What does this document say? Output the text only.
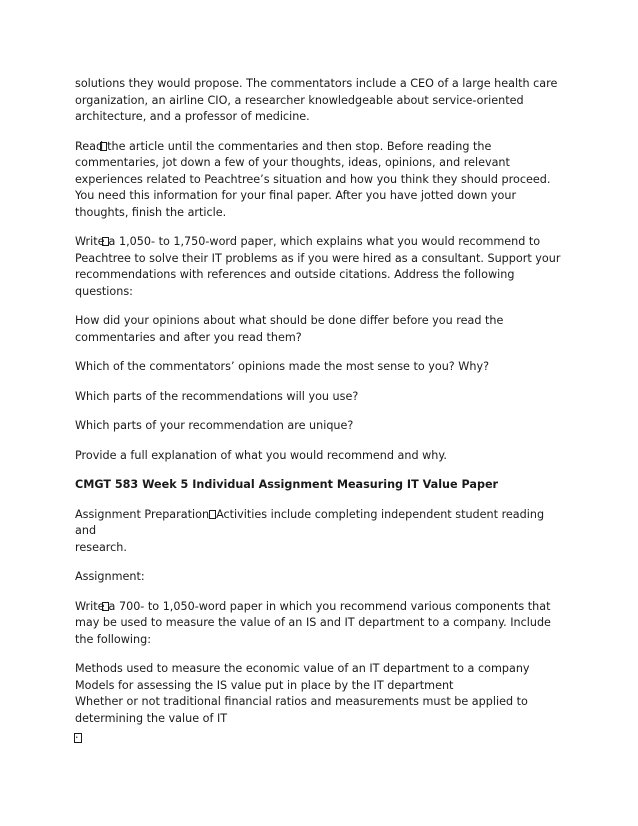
solutions they would propose. The commentators include a CEO of a large health care
organization, an airline CIO, a researcher knowledgeable about service-oriented
architecture, and a professor of medicine.

Read the article until the commentaries and then stop. Before reading the
commentaries, jot down a few of your thoughts, ideas, opinions, and relevant
experiences related to Peachtree’s situation and how you think they should proceed.
You need this information for your final paper. After you have jotted down your
thoughts, finish the article.

Write a 1,050- to 1,750-word paper, which explains what you would recommend to
Peachtree to solve their IT problems as if you were hired as a consultant. Support your
recommendations with references and outside citations. Address the following
questions:

How did your opinions about what should be done differ before you read the
commentaries and after you read them?

Which of the commentators’ opinions made the most sense to you? Why?

Which parts of the recommendations will you use?

Which parts of your recommendation are unique?

Provide a full explanation of what you would recommend and why.

CMGT 583 Week 5 Individual Assignment Measuring IT Value Paper

Assignment Preparation Activities include completing independent student reading and
research.

Assignment:

Write a 700- to 1,050-word paper in which you recommend various components that
may be used to measure the value of an IS and IT department to a company. Include
the following:

Methods used to measure the economic value of an IT department to a company
Models for assessing the IS value put in place by the IT department
Whether or not traditional financial ratios and measurements must be applied to
determining the value of IT
.
